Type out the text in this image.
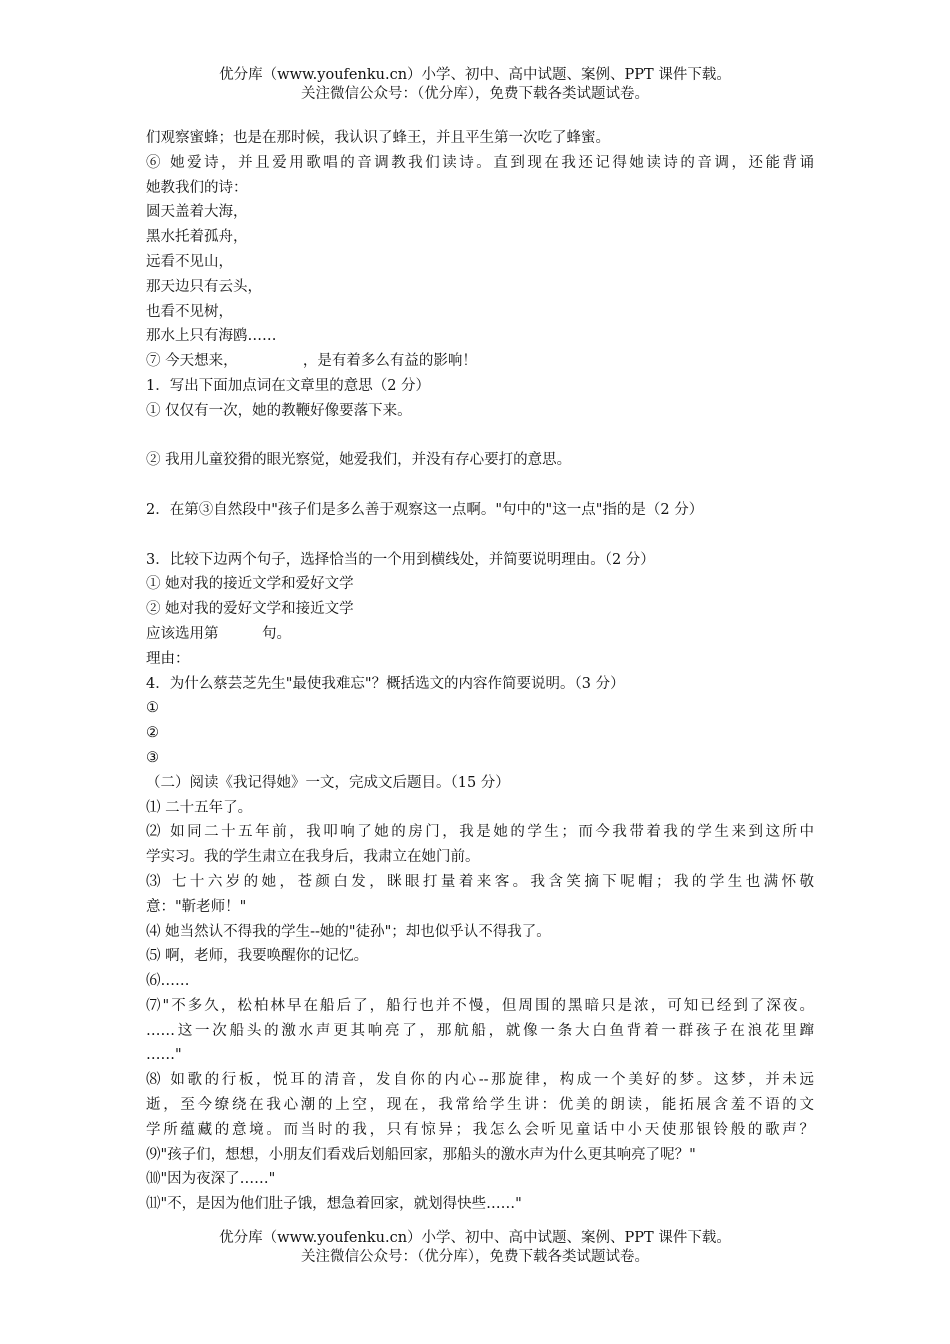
优分库（www.youfenku.cn）小学、初中、高中试题、案例、PPT 课件下载。
关注微信公众号：（优分库），免费下载各类试题试卷。
们观察蜜蜂；也是在那时候，我认识了蜂王，并且平生第一次吃了蜂蜜。
⑥ 她爱诗，并且爱用歌唱的音调教我们读诗。直到现在我还记得她读诗的音调，还能背诵
她教我们的诗：
圆天盖着大海，
黑水托着孤舟，
远看不见山，
那天边只有云头，
也看不见树，
那水上只有海鸥……
⑦ 今天想来，　　　　　，是有着多么有益的影响！
1．写出下面加点词在文章里的意思（2 分）
① 仅仅有一次，她的教鞭好像要落下来。
② 我用儿童狡猾的眼光察觉，她爱我们，并没有存心要打的意思。
2．在第③自然段中"孩子们是多么善于观察这一点啊。"句中的"这一点"指的是（2 分）
3．比较下边两个句子，选择恰当的一个用到横线处，并简要说明理由。（2 分）
① 她对我的接近文学和爱好文学
② 她对我的爱好文学和接近文学
应该选用第　　　句。
理由：
4．为什么蔡芸芝先生"最使我难忘"？概括选文的内容作简要说明。（3 分）
①
②
③
（二）阅读《我记得她》一文，完成文后题目。（15 分）
⑴ 二十五年了。
⑵ 如同二十五年前，我叩响了她的房门，我是她的学生；而今我带着我的学生来到这所中
学实习。我的学生肃立在我身后，我肃立在她门前。
⑶ 七十六岁的她，苍颜白发，眯眼打量着来客。我含笑摘下呢帽；我的学生也满怀敬
意："靳老师！"
⑷ 她当然认不得我的学生--她的"徒孙"；却也似乎认不得我了。
⑸ 啊，老师，我要唤醒你的记忆。
⑹……
⑺"不多久，松柏林早在船后了，船行也并不慢，但周围的黑暗只是浓，可知已经到了深夜。
……这一次船头的激水声更其响亮了，那航船，就像一条大白鱼背着一群孩子在浪花里蹿
……"
⑻ 如歌的行板，悦耳的清音，发自你的内心--那旋律，构成一个美好的梦。这梦，并未远
逝，至今缭绕在我心潮的上空，现在，我常给学生讲：优美的朗读，能拓展含羞不语的文
学所蕴藏的意境。而当时的我，只有惊异；我怎么会听见童话中小天使那银铃般的歌声？
⑼"孩子们，想想，小朋友们看戏后划船回家，那船头的激水声为什么更其响亮了呢？"
⑽"因为夜深了……"
⑾"不，是因为他们肚子饿，想急着回家，就划得快些……"
优分库（www.youfenku.cn）小学、初中、高中试题、案例、PPT 课件下载。
关注微信公众号：（优分库），免费下载各类试题试卷。
